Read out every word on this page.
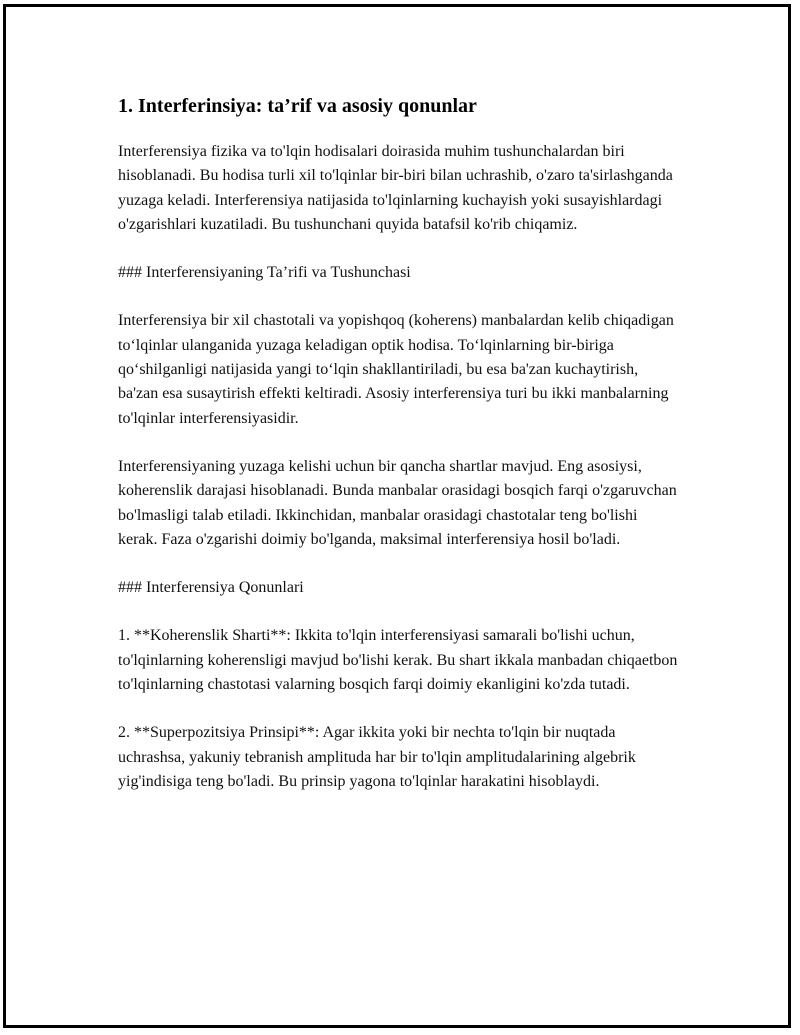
1. Interferinsiya: ta’rif va asosiy qonunlar

Interferensiya fizika va to'lqin hodisalari doirasida muhim tushunchalardan biri hisoblanadi. Bu hodisa turli xil to'lqinlar bir-biri bilan uchrashib, o'zaro ta'sirlashganda yuzaga keladi. Interferensiya natijasida to'lqinlarning kuchayish yoki susayishlardagi o'zgarishlari kuzatiladi. Bu tushunchani quyida batafsil ko'rib chiqamiz.

### Interferensiyaning Ta’rifi va Tushunchasi

Interferensiya bir xil chastotali va yopishqoq (koherens) manbalardan kelib chiqadigan to‘lqinlar ulanganida yuzaga keladigan optik hodisa. To‘lqinlarning bir-biriga qo‘shilganligi natijasida yangi to‘lqin shakllantiriladi, bu esa ba'zan kuchaytirish, ba'zan esa susaytirish effekti keltiradi. Asosiy interferensiya turi bu ikki manbalarning to'lqinlar interferensiyasidir.

Interferensiyaning yuzaga kelishi uchun bir qancha shartlar mavjud. Eng asosiysi, koherenslik darajasi hisoblanadi. Bunda manbalar orasidagi bosqich farqi o'zgaruvchan bo'lmasligi talab etiladi. Ikkinchidan, manbalar orasidagi chastotalar teng bo'lishi kerak. Faza o'zgarishi doimiy bo'lganda, maksimal interferensiya hosil bo'ladi.

### Interferensiya Qonunlari

1. **Koherenslik Sharti**: Ikkita to'lqin interferensiyasi samarali bo'lishi uchun, to'lqinlarning koherensligi mavjud bo'lishi kerak. Bu shart ikkala manbadan chiqaetbon to'lqinlarning chastotasi valarning bosqich farqi doimiy ekanligini ko'zda tutadi.

2. **Superpozitsiya Prinsipi**: Agar ikkita yoki bir nechta to'lqin bir nuqtada uchrashsa, yakuniy tebranish amplituda har bir to'lqin amplitudalarining algebrik yig'indisiga teng bo'ladi. Bu prinsip yagona to'lqinlar harakatini hisoblaydi.
